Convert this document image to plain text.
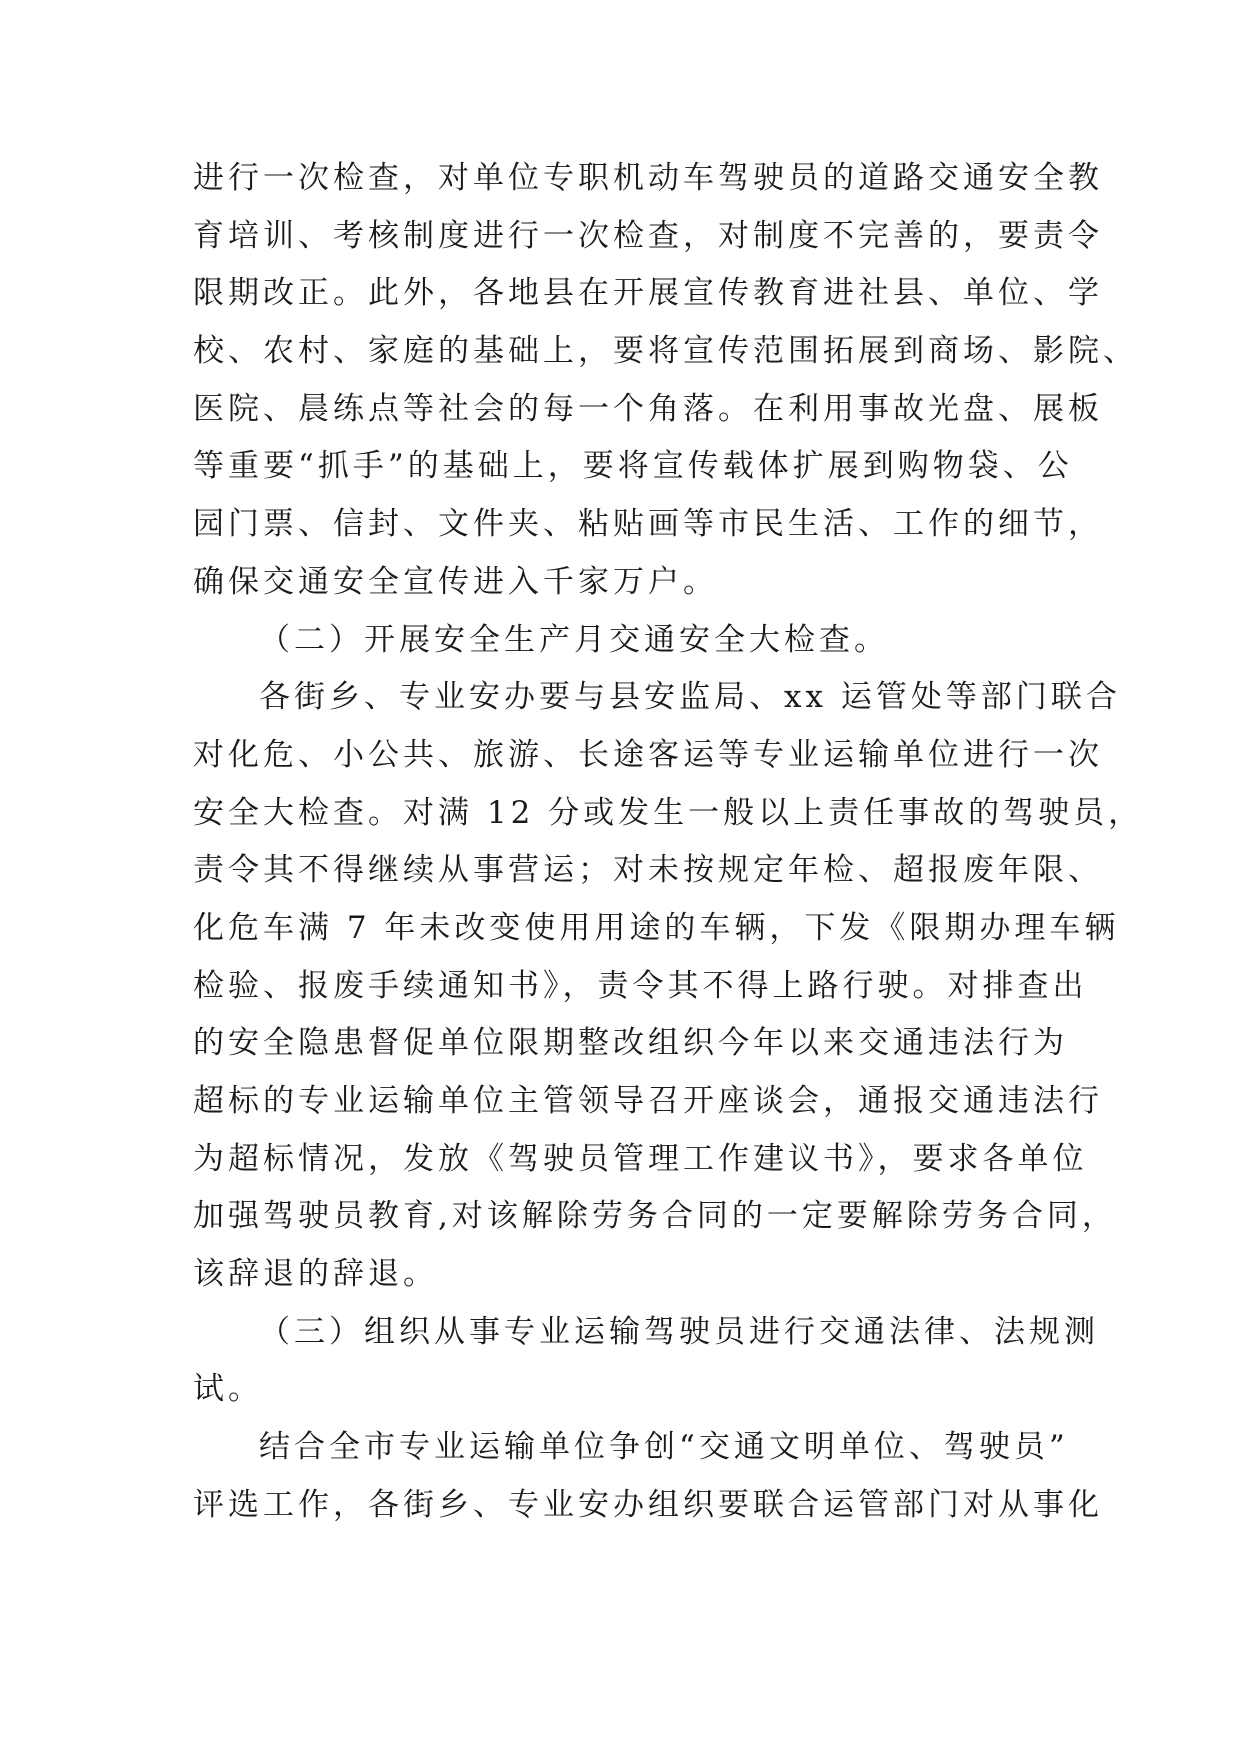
进行一次检查，对单位专职机动车驾驶员的道路交通安全教
育培训、考核制度进行一次检查，对制度不完善的，要责令
限期改正。此外，各地县在开展宣传教育进社县、单位、学
校、农村、家庭的基础上，要将宣传范围拓展到商场、影院、
医院、晨练点等社会的每一个角落。在利用事故光盘、展板
等重要“抓手”的基础上，要将宣传载体扩展到购物袋、公
园门票、信封、文件夹、粘贴画等市民生活、工作的细节，
确保交通安全宣传进入千家万户。
（二）开展安全生产月交通安全大检查。
各街乡、专业安办要与县安监局、xx 运管处等部门联合
对化危、小公共、旅游、长途客运等专业运输单位进行一次
安全大检查。对满 12 分或发生一般以上责任事故的驾驶员，
责令其不得继续从事营运；对未按规定年检、超报废年限、
化危车满 7 年未改变使用用途的车辆，下发《限期办理车辆
检验、报废手续通知书》，责令其不得上路行驶。对排查出
的安全隐患督促单位限期整改组织今年以来交通违法行为
超标的专业运输单位主管领导召开座谈会，通报交通违法行
为超标情况，发放《驾驶员管理工作建议书》，要求各单位
加强驾驶员教育,对该解除劳务合同的一定要解除劳务合同，
该辞退的辞退。
（三）组织从事专业运输驾驶员进行交通法律、法规测
试。
结合全市专业运输单位争创“交通文明单位、驾驶员”
评选工作，各街乡、专业安办组织要联合运管部门对从事化
